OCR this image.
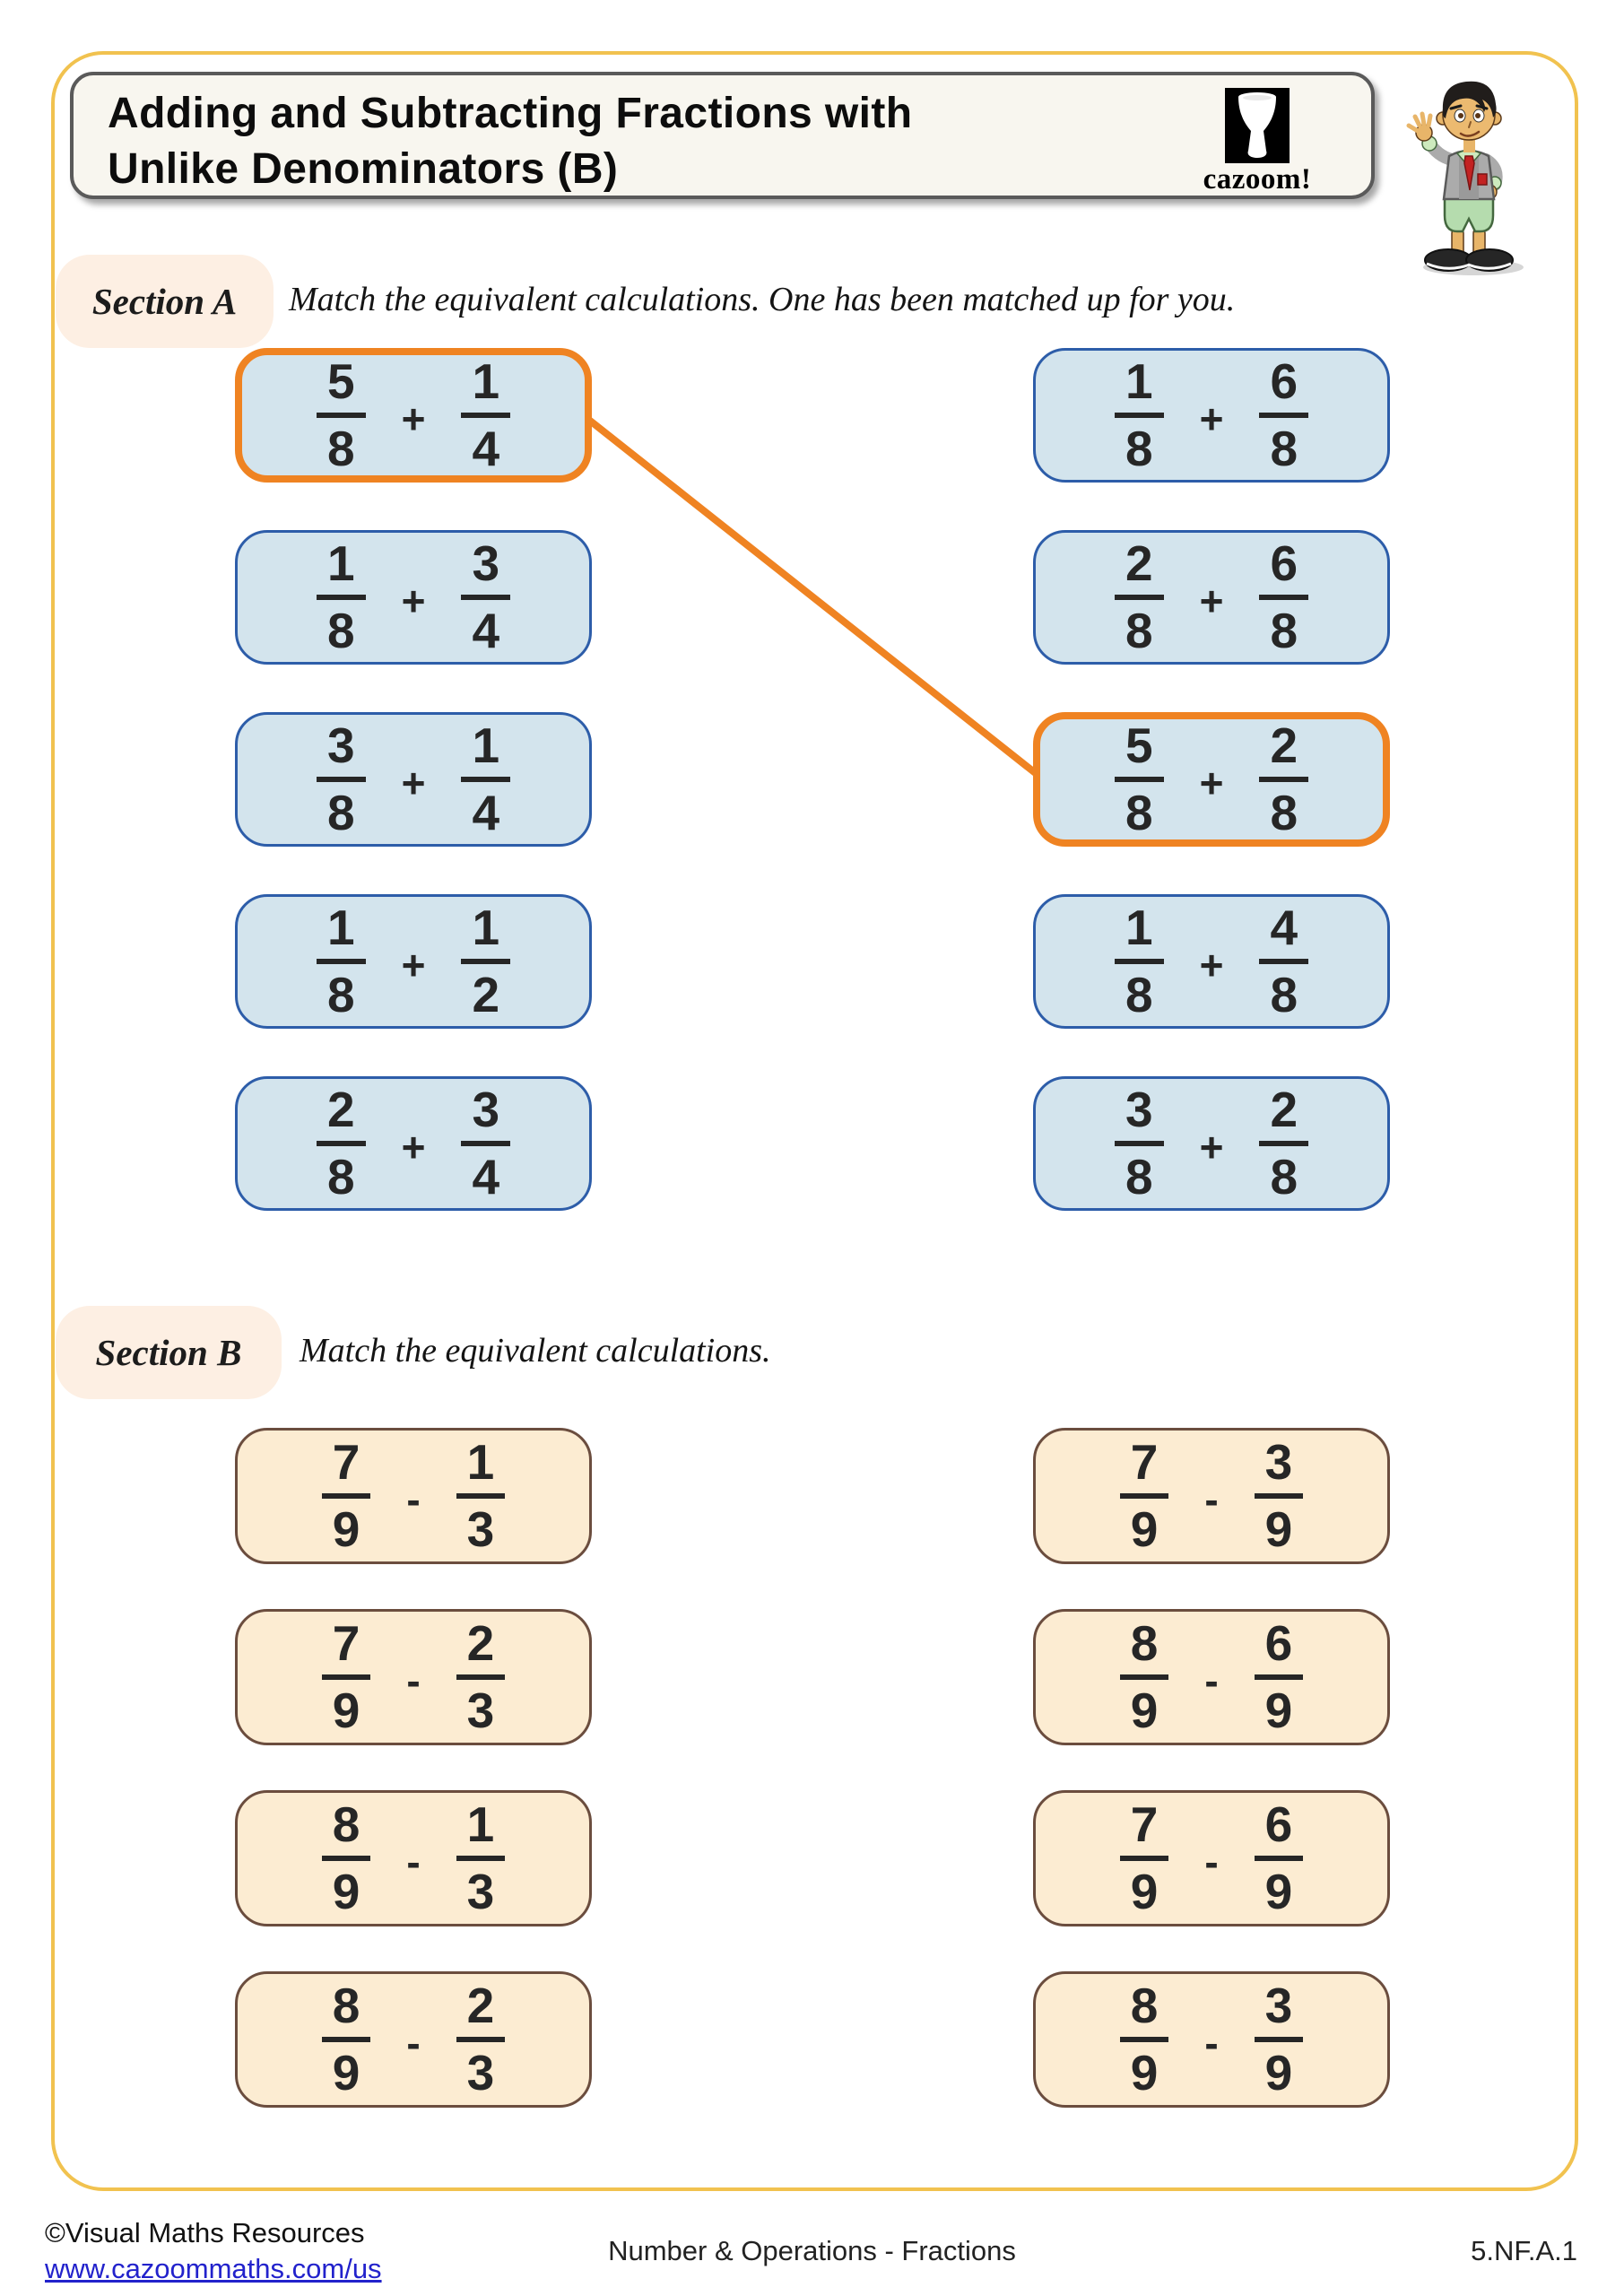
Adding and Subtracting Fractions with
Unlike Denominators (B)	cazoom!
Section A Match the equivalent calculations. One has been matched up for you.
$\frac{5}{8} + \frac{1}{4}$
$\frac{1}{8} + \frac{3}{4}$
$\frac{3}{8} + \frac{1}{4}$
$\frac{1}{8} + \frac{1}{2}$
$\frac{2}{8} + \frac{3}{4}$
$\frac{1}{8} + \frac{6}{8}$
$\frac{2}{8} + \frac{6}{8}$
$\frac{5}{8} + \frac{2}{8}$
$\frac{1}{8} + \frac{4}{8}$
$\frac{3}{8} + \frac{2}{8}$
Section B Match the equivalent calculations.
$\frac{7}{9} - \frac{1}{3}$
$\frac{7}{9} - \frac{2}{3}$
$\frac{8}{9} - \frac{1}{3}$
$\frac{8}{9} - \frac{2}{3}$
$\frac{7}{9} - \frac{3}{9}$
$\frac{8}{9} - \frac{6}{9}$
$\frac{7}{9} - \frac{6}{9}$
$\frac{8}{9} - \frac{3}{9}$
©Visual Maths Resources
www.cazoommaths.com/us
Number & Operations - Fractions	5.NF.A.1
